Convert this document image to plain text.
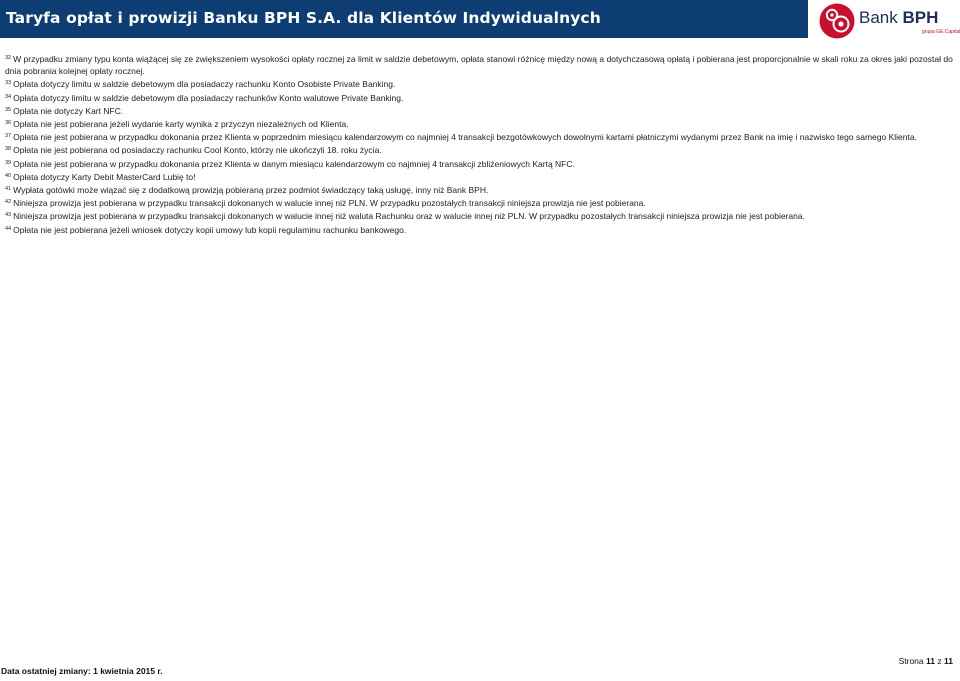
Taryfa opłat i prowizji Banku BPH S.A. dla Klientów Indywidualnych	Bank BPH
grupa GE Capital

$^{32}$ W przypadku zmiany typu konta wiążącej się ze zwiększeniem wysokości opłaty rocznej za limit w saldzie debetowym, opłata stanowi różnicę między nową a dotychczasową opłatą i pobierana jest proporcjonalnie w skali roku za okres jaki pozostał do dnia pobrania kolejnej opłaty rocznej.

$^{33}$ Opłata dotyczy limitu w saldzie debetowym dla posiadaczy rachunku Konto Osobiste Private Banking.

$^{34}$ Opłata dotyczy limitu w saldzie debetowym dla posiadaczy rachunków Konto walutowe Private Banking.

$^{35}$ Opłata nie dotyczy Kart NFC.

$^{36}$ Opłata nie jest pobierana jeżeli wydanie karty wynika z przyczyn niezależnych od Klienta.

$^{37}$ Opłata nie jest pobierana w przypadku dokonania przez Klienta w poprzednim miesiącu kalendarzowym co najmniej 4 transakcji bezgotówkowych dowolnymi kartami płatniczymi wydanymi przez Bank na imię i nazwisko tego samego Klienta.

$^{38}$ Opłata nie jest pobierana od posiadaczy rachunku Cool Konto, którzy nie ukończyli 18. roku życia.

$^{39}$ Opłata nie jest pobierana w przypadku dokonania przez Klienta w danym miesiącu kalendarzowym co najmniej 4 transakcji zbliżeniowych Kartą NFC.

$^{40}$ Opłata dotyczy Karty Debit MasterCard Lubię to!

$^{41}$ Wypłata gotówki może wiązać się z dodatkową prowizją pobieraną przez podmiot świadczący taką usługę, inny niż Bank BPH.

$^{42}$ Niniejsza prowizja jest pobierana w przypadku transakcji dokonanych w walucie innej niż PLN. W przypadku pozostałych transakcji niniejsza prowizja nie jest pobierana.

$^{43}$ Niniejsza prowizja jest pobierana w przypadku transakcji dokonanych w walucie innej niż waluta Rachunku oraz w walucie innej niż PLN. W przypadku pozostałych transakcji niniejsza prowizja nie jest pobierana.

$^{44}$ Opłata nie jest pobierana jeżeli wniosek dotyczy kopii umowy lub kopii regulaminu rachunku bankowego.

Data ostatniej zmiany: 1 kwietnia 2015 r.
Strona 11 z 11
